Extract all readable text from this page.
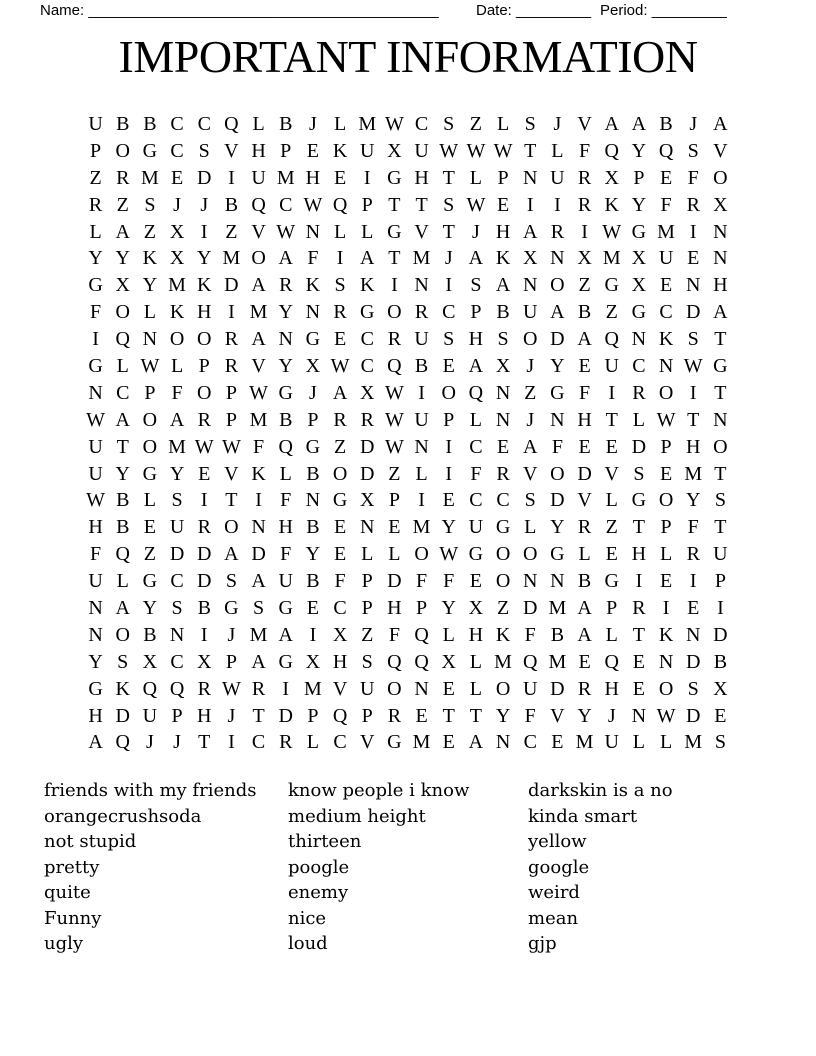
Name: __________________________________________ Date: _________ Period: _________
IMPORTANT INFORMATION
U B B C C Q L B J L M W C S Z L S J V A A B J A
P O G C S V H P E K U X U W W W T L F Q Y Q S V
Z R M E D I U M H E I G H T L P N U R X P E F O
R Z S J J B Q C W Q P T T S W E I	I R K Y F R X
L A Z X I Z V W N L L G V T J H A R I W G M I N
Y Y K X Y M O A F I A T M J A K X N X M X U E N
G X Y M K D A R K S K I N I S A N O Z G X E N H
F O L K H I M Y N R G O R C P B U A B Z G C D A
I Q N O O R A N G E C R U S H S O D A Q N K S T
G L W L P R V Y X W C Q B E A X J Y E U C N W G
N C P F O P W G J A X W I O Q N Z G F I R O I T
W A O A R P M B P R R W U P L N J N H T L W T N
U T O M W W F Q G Z D W N I C E A F E E D P H O
U Y G Y E V K L B O D Z L I F R V O D V S E M T
W B L S I T I F N G X P I E C C S D V L G O Y S
H B E U R O N H B E N E M Y U G L Y R Z T P F T
F Q Z D D A D F Y E L L O W G O O G L E H L R U
U L G C D S A U B F P D F F E O N N B G I E I P
N A Y S B G S G E C P H P Y X Z D M A P R I E I
N O B N I J M A I X Z F Q L H K F B A L T K N D
Y S X C X P A G X H S Q Q X L M Q M E Q E N D B
G K Q Q R W R I M V U O N E L O U D R H E O S X
H D U P H J T D P Q P R E T T Y F V Y J N W D E
A Q J J T I C R L C V G M E A N C E M U L L M S
friends with my friends
orangecrushsoda
not stupid
pretty
quite
Funny
ugly
know people i know
medium height
thirteen
poogle
enemy
nice
loud
darkskin is a no
kinda smart
yellow
google
weird
mean
gjp
